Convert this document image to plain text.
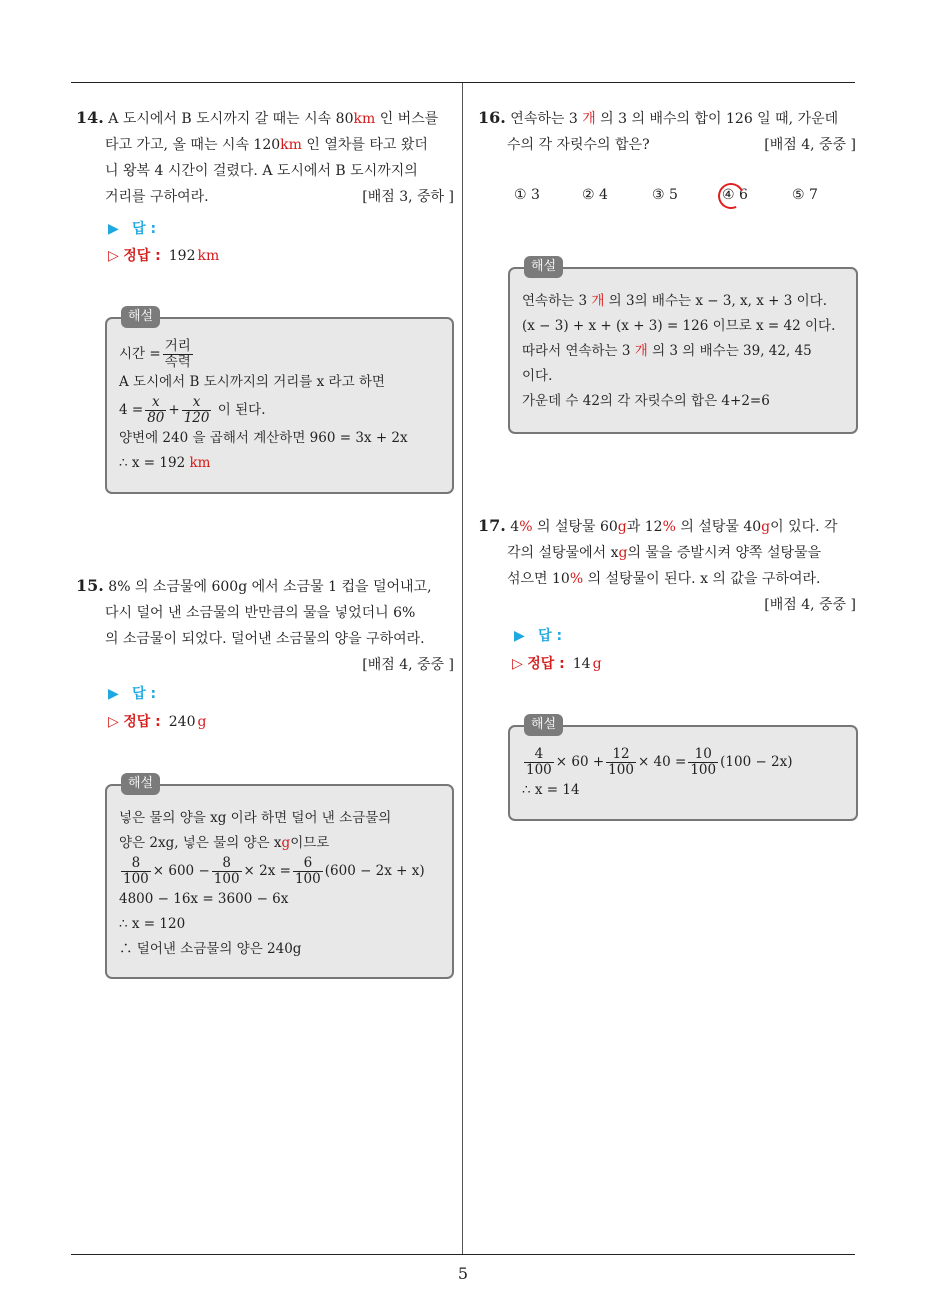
5
14. A 도시에서 B 도시까지 갈 때는 시속 80km 인 버스를
타고 가고, 올 때는 시속 120km 인 열차를 타고 왔더
니 왕복 4 시간이 걸렸다. A 도시에서 B 도시까지의
거리를 구하여라.	[배점 3, 중하 ]
▶ 답 :
▷ 정답 : 192 km
해설
시간 = $\frac{\text{거리}}{\text{속력}}$
A 도시에서 B 도시까지의 거리를 x 라고 하면
$4 = \frac{x}{80} + \frac{x}{120}$ 이 된다.
양변에 240 을 곱해서 계산하면 960 = 3x + 2x
∴ x = 192 km
15. 8% 의 소금물에 600g 에서 소금물 1 컵을 덜어내고,
다시 덜어 낸 소금물의 반만큼의 물을 넣었더니 6%
의 소금물이 되었다. 덜어낸 소금물의 양을 구하여라.
[배점 4, 중중 ]
▶ 답 :
▷ 정답 : 240 g
해설
넣은 물의 양을 xg 이라 하면 덜어 낸 소금물의
양은 2xg, 넣은 물의 양은 xg이므로
$\frac{8}{100} \times 600 - \frac{8}{100} \times 2x = \frac{6}{100} (600 - 2x + x)$
4800 − 16x = 3600 − 6x
∴ x = 120
∴ 덜어낸 소금물의 양은 240g
16. 연속하는 3 개 의 3 의 배수의 합이 126 일 때, 가운데
수의 각 자릿수의 합은?	[배점 4, 중중 ]
① 3	② 4	③ 5	④ 6	⑤ 7
해설
연속하는 3 개 의 3의 배수는 x − 3, x, x + 3 이다.
(x − 3) + x + (x + 3) = 126 이므로 x = 42 이다.
따라서 연속하는 3 개 의 3 의 배수는 39, 42, 45
이다.
가운데 수 42의 각 자릿수의 합은 4+2=6
17. 4% 의 설탕물 60g과 12% 의 설탕물 40g이 있다. 각
각의 설탕물에서 xg의 물을 증발시켜 양쪽 설탕물을
섞으면 10% 의 설탕물이 된다. x 의 값을 구하여라.
[배점 4, 중중 ]
▶ 답 :
▷ 정답 : 14 g
해설
$\frac{4}{100} \times 60 + \frac{12}{100} \times 40 = \frac{10}{100} (100 - 2x)$
∴ x = 14
